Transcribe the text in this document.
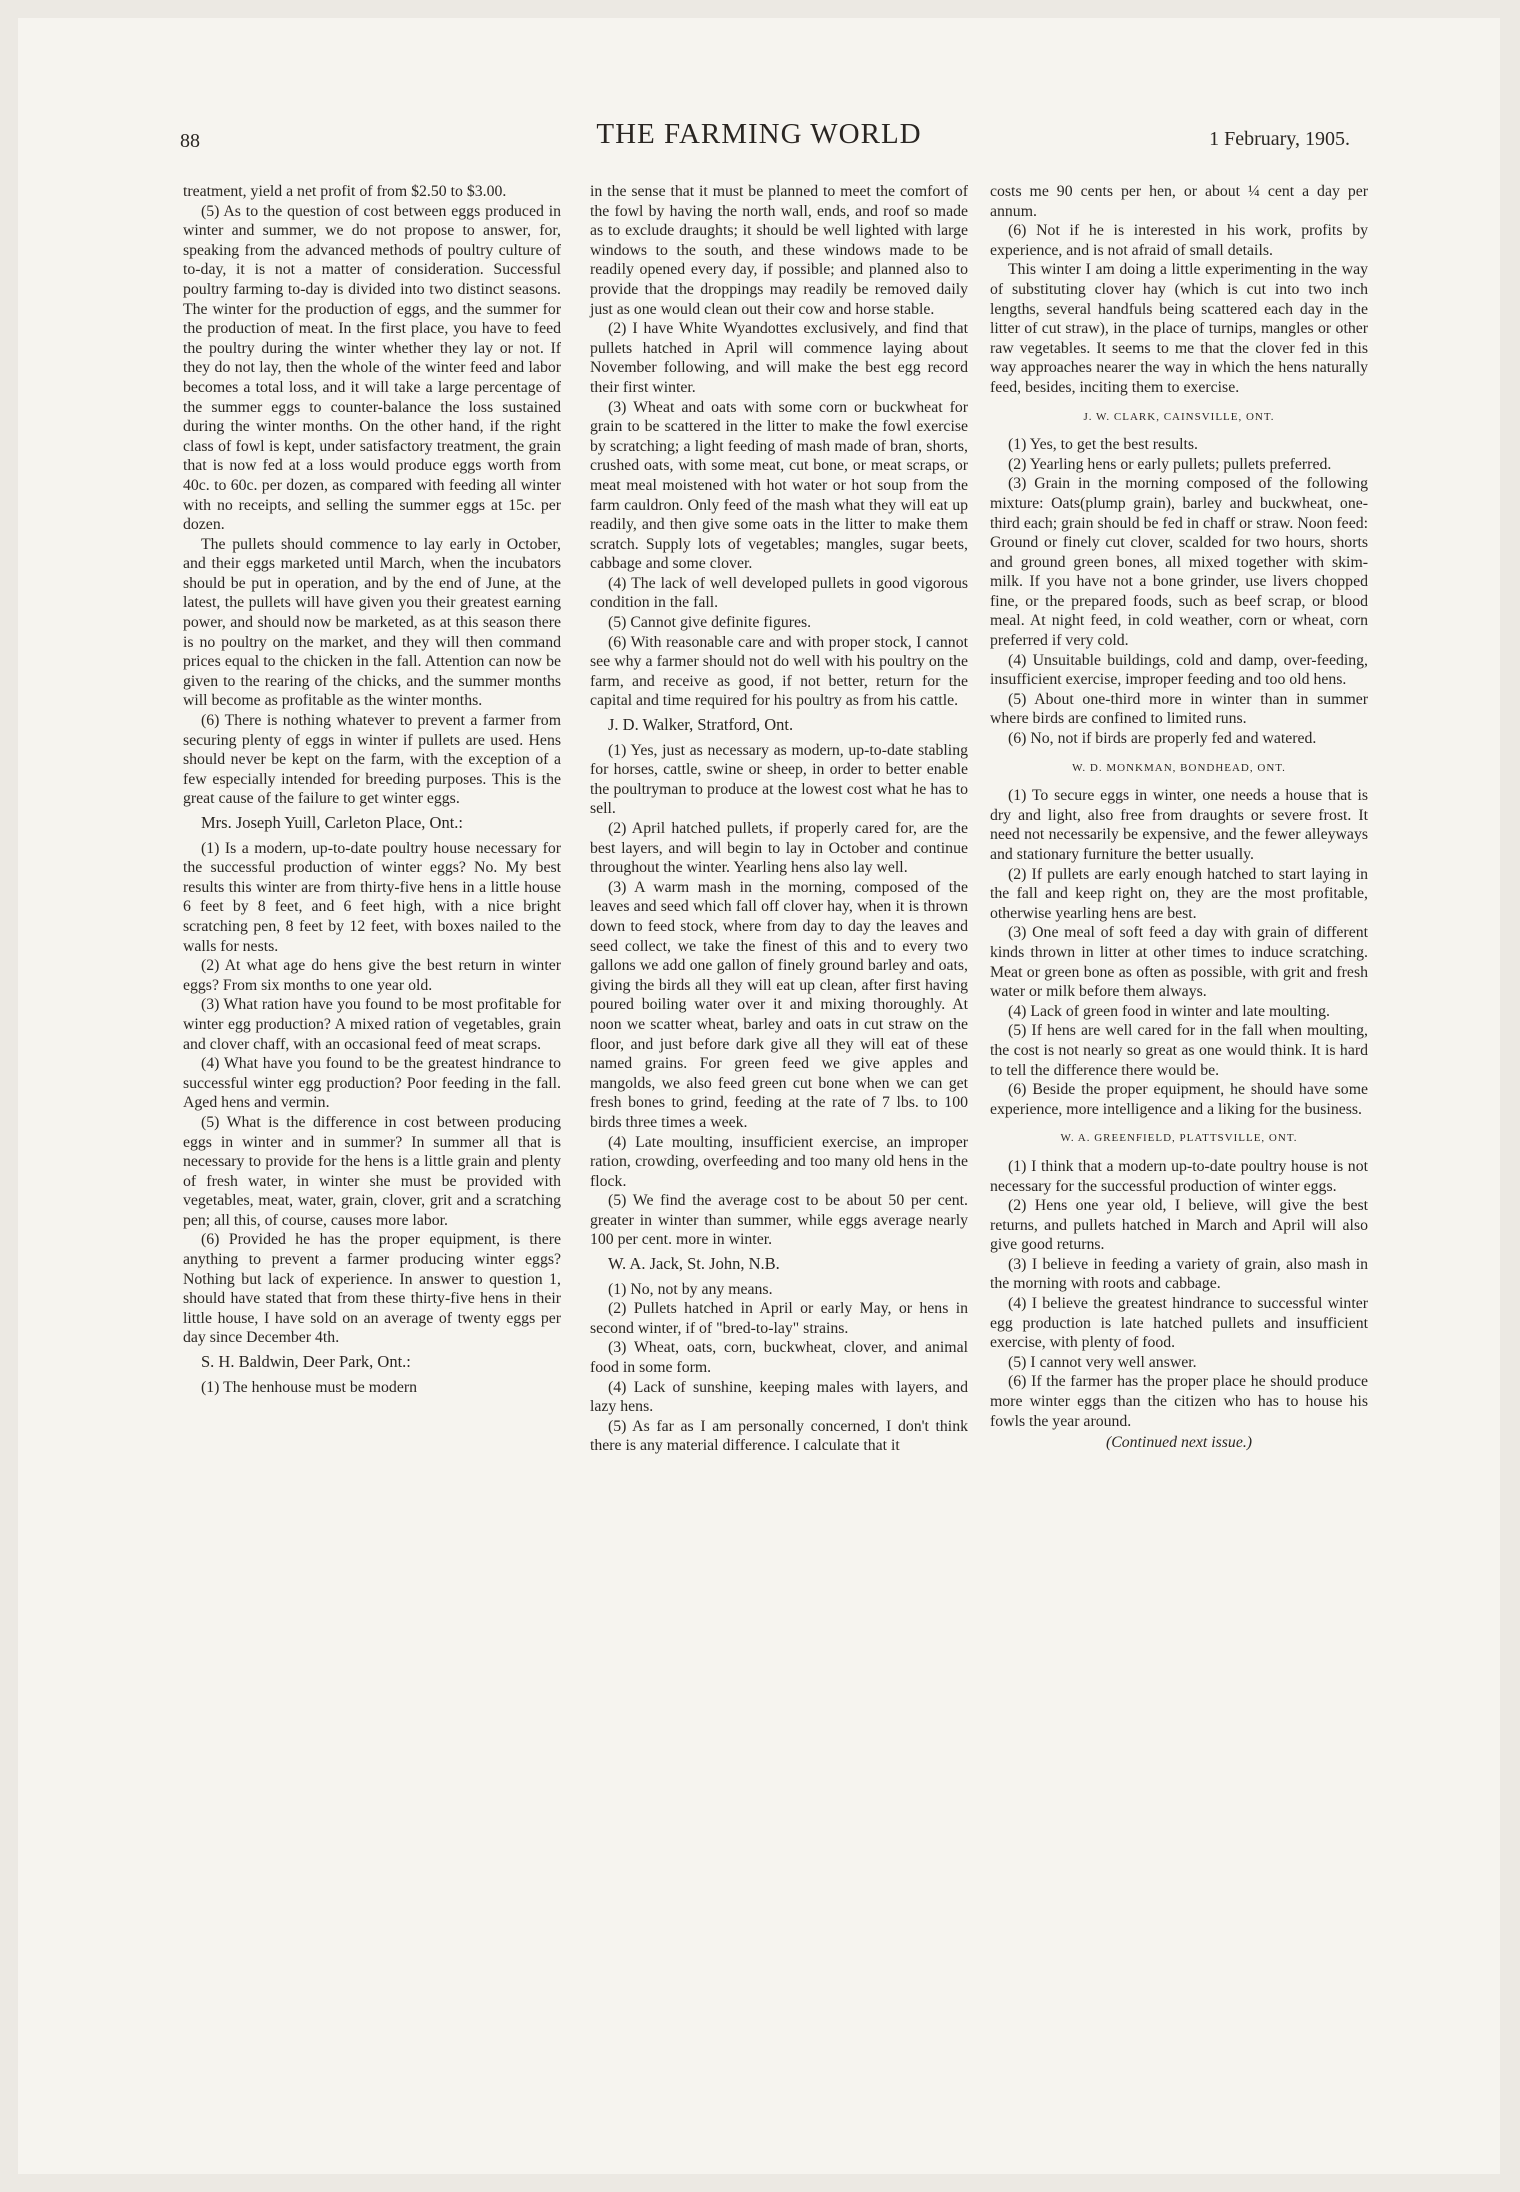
88	THE FARMING WORLD	1 February, 1905.

treatment, yield a net profit of from $2.50 to $3.00.

(5) As to the question of cost between eggs produced in winter and summer, we do not propose to answer, for, speaking from the advanced methods of poultry culture of to-day, it is not a matter of consideration. Successful poultry farming to-day is divided into two distinct seasons. The winter for the production of eggs, and the summer for the production of meat. In the first place, you have to feed the poultry during the winter whether they lay or not. If they do not lay, then the whole of the winter feed and labor becomes a total loss, and it will take a large percentage of the summer eggs to counter-balance the loss sustained during the winter months. On the other hand, if the right class of fowl is kept, under satisfactory treatment, the grain that is now fed at a loss would produce eggs worth from 40c. to 60c. per dozen, as compared with feeding all winter with no receipts, and selling the summer eggs at 15c. per dozen.

The pullets should commence to lay early in October, and their eggs marketed until March, when the incubators should be put in operation, and by the end of June, at the latest, the pullets will have given you their greatest earning power, and should now be marketed, as at this season there is no poultry on the market, and they will then command prices equal to the chicken in the fall. Attention can now be given to the rearing of the chicks, and the summer months will become as profitable as the winter months.

(6) There is nothing whatever to prevent a farmer from securing plenty of eggs in winter if pullets are used. Hens should never be kept on the farm, with the exception of a few especially intended for breeding purposes. This is the great cause of the failure to get winter eggs.

Mrs. Joseph Yuill, Carleton Place, Ont.:

(1) Is a modern, up-to-date poultry house necessary for the successful production of winter eggs? No. My best results this winter are from thirty-five hens in a little house 6 feet by 8 feet, and 6 feet high, with a nice bright scratching pen, 8 feet by 12 feet, with boxes nailed to the walls for nests.

(2) At what age do hens give the best return in winter eggs? From six months to one year old.

(3) What ration have you found to be most profitable for winter egg production? A mixed ration of vegetables, grain and clover chaff, with an occasional feed of meat scraps.

(4) What have you found to be the greatest hindrance to successful winter egg production? Poor feeding in the fall. Aged hens and vermin.

(5) What is the difference in cost between producing eggs in winter and in summer? In summer all that is necessary to provide for the hens is a little grain and plenty of fresh water, in winter she must be provided with vegetables, meat, water, grain, clover, grit and a scratching pen; all this, of course, causes more labor.

(6) Provided he has the proper equipment, is there anything to prevent a farmer producing winter eggs? Nothing but lack of experience. In answer to question 1, should have stated that from these thirty-five hens in their little house, I have sold on an average of twenty eggs per day since December 4th.

S. H. Baldwin, Deer Park, Ont.:

(1) The henhouse must be modern

in the sense that it must be planned to meet the comfort of the fowl by having the north wall, ends, and roof so made as to exclude draughts; it should be well lighted with large windows to the south, and these windows made to be readily opened every day, if possible; and planned also to provide that the droppings may readily be removed daily just as one would clean out their cow and horse stable.

(2) I have White Wyandottes exclusively, and find that pullets hatched in April will commence laying about November following, and will make the best egg record their first winter.

(3) Wheat and oats with some corn or buckwheat for grain to be scattered in the litter to make the fowl exercise by scratching; a light feeding of mash made of bran, shorts, crushed oats, with some meat, cut bone, or meat scraps, or meat meal moistened with hot water or hot soup from the farm cauldron. Only feed of the mash what they will eat up readily, and then give some oats in the litter to make them scratch. Supply lots of vegetables; mangles, sugar beets, cabbage and some clover.

(4) The lack of well developed pullets in good vigorous condition in the fall.

(5) Cannot give definite figures.

(6) With reasonable care and with proper stock, I cannot see why a farmer should not do well with his poultry on the farm, and receive as good, if not better, return for the capital and time required for his poultry as from his cattle.

J. D. Walker, Stratford, Ont.

(1) Yes, just as necessary as modern, up-to-date stabling for horses, cattle, swine or sheep, in order to better enable the poultryman to produce at the lowest cost what he has to sell.

(2) April hatched pullets, if properly cared for, are the best layers, and will begin to lay in October and continue throughout the winter. Yearling hens also lay well.

(3) A warm mash in the morning, composed of the leaves and seed which fall off clover hay, when it is thrown down to feed stock, where from day to day the leaves and seed collect, we take the finest of this and to every two gallons we add one gallon of finely ground barley and oats, giving the birds all they will eat up clean, after first having poured boiling water over it and mixing thoroughly. At noon we scatter wheat, barley and oats in cut straw on the floor, and just before dark give all they will eat of these named grains. For green feed we give apples and mangolds, we also feed green cut bone when we can get fresh bones to grind, feeding at the rate of 7 lbs. to 100 birds three times a week.

(4) Late moulting, insufficient exercise, an improper ration, crowding, overfeeding and too many old hens in the flock.

(5) We find the average cost to be about 50 per cent. greater in winter than summer, while eggs average nearly 100 per cent. more in winter.

W. A. Jack, St. John, N.B.

(1) No, not by any means.

(2) Pullets hatched in April or early May, or hens in second winter, if of "bred-to-lay" strains.

(3) Wheat, oats, corn, buckwheat, clover, and animal food in some form.

(4) Lack of sunshine, keeping males with layers, and lazy hens.

(5) As far as I am personally concerned, I don't think there is any material difference. I calculate that it

costs me 90 cents per hen, or about ¼ cent a day per annum.

(6) Not if he is interested in his work, profits by experience, and is not afraid of small details.

This winter I am doing a little experimenting in the way of substituting clover hay (which is cut into two inch lengths, several handfuls being scattered each day in the litter of cut straw), in the place of turnips, mangles or other raw vegetables. It seems to me that the clover fed in this way approaches nearer the way in which the hens naturally feed, besides, inciting them to exercise.

J. W. CLARK, CAINSVILLE, ONT.

(1) Yes, to get the best results.

(2) Yearling hens or early pullets; pullets preferred.

(3) Grain in the morning composed of the following mixture: Oats(plump grain), barley and buckwheat, one-third each; grain should be fed in chaff or straw. Noon feed: Ground or finely cut clover, scalded for two hours, shorts and ground green bones, all mixed together with skim-milk. If you have not a bone grinder, use livers chopped fine, or the prepared foods, such as beef scrap, or blood meal. At night feed, in cold weather, corn or wheat, corn preferred if very cold.

(4) Unsuitable buildings, cold and damp, over-feeding, insufficient exercise, improper feeding and too old hens.

(5) About one-third more in winter than in summer where birds are confined to limited runs.

(6) No, not if birds are properly fed and watered.

W. D. MONKMAN, BONDHEAD, ONT.

(1) To secure eggs in winter, one needs a house that is dry and light, also free from draughts or severe frost. It need not necessarily be expensive, and the fewer alleyways and stationary furniture the better usually.

(2) If pullets are early enough hatched to start laying in the fall and keep right on, they are the most profitable, otherwise yearling hens are best.

(3) One meal of soft feed a day with grain of different kinds thrown in litter at other times to induce scratching. Meat or green bone as often as possible, with grit and fresh water or milk before them always.

(4) Lack of green food in winter and late moulting.

(5) If hens are well cared for in the fall when moulting, the cost is not nearly so great as one would think. It is hard to tell the difference there would be.

(6) Beside the proper equipment, he should have some experience, more intelligence and a liking for the business.

W. A. GREENFIELD, PLATTSVILLE, ONT.

(1) I think that a modern up-to-date poultry house is not necessary for the successful production of winter eggs.

(2) Hens one year old, I believe, will give the best returns, and pullets hatched in March and April will also give good returns.

(3) I believe in feeding a variety of grain, also mash in the morning with roots and cabbage.

(4) I believe the greatest hindrance to successful winter egg production is late hatched pullets and insufficient exercise, with plenty of food.

(5) I cannot very well answer.

(6) If the farmer has the proper place he should produce more winter eggs than the citizen who has to house his fowls the year around.

(Continued next issue.)
